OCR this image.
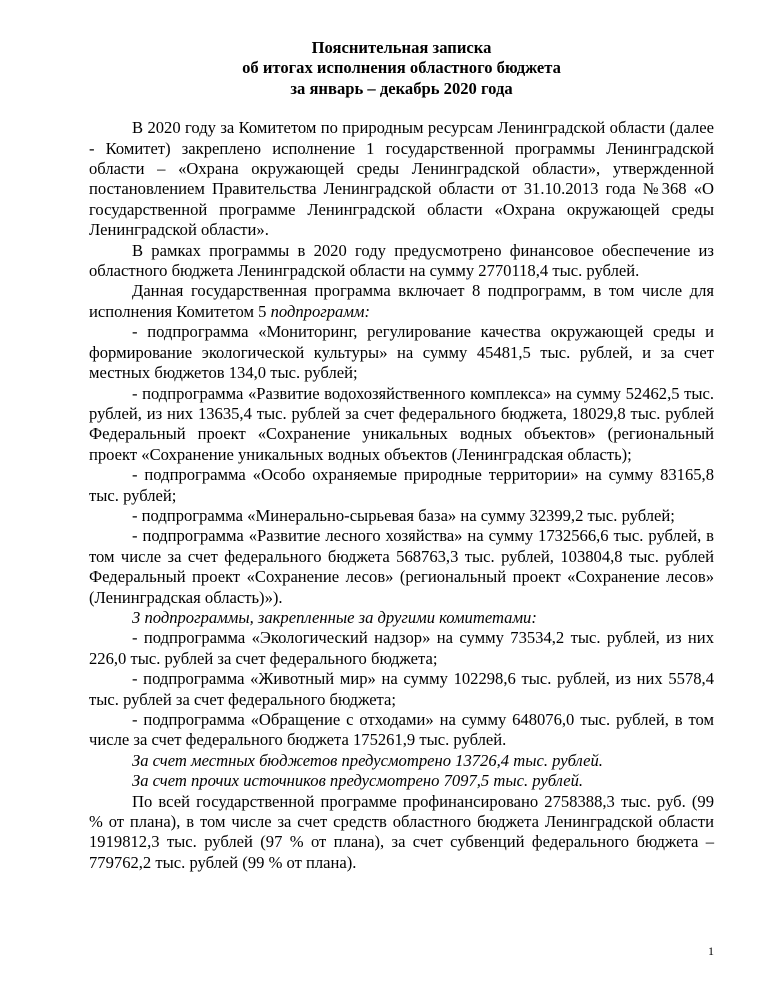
Пояснительная записка

об итогах исполнения областного бюджета

за январь – декабрь 2020 года

В 2020 году за Комитетом по природным ресурсам Ленинградской области (далее - Комитет) закреплено исполнение 1 государственной программы Ленинградской области – «Охрана окружающей среды Ленинградской области», утвержденной постановлением Правительства Ленинградской области от 31.10.2013 года №368 «О государственной программе Ленинградской области «Охрана окружающей среды Ленинградской области».

В рамках программы в 2020 году предусмотрено финансовое обеспечение из областного бюджета Ленинградской области на сумму 2770118,4 тыс. рублей.

Данная государственная программа включает 8 подпрограмм, в том числе для исполнения Комитетом 5 подпрограмм:

- подпрограмма «Мониторинг, регулирование качества окружающей среды и формирование экологической культуры» на сумму 45481,5 тыс. рублей, и за счет местных бюджетов 134,0 тыс. рублей;

- подпрограмма «Развитие водохозяйственного комплекса» на сумму 52462,5 тыс. рублей, из них 13635,4 тыс. рублей за счет федерального бюджета, 18029,8 тыс. рублей Федеральный проект «Сохранение уникальных водных объектов» (региональный проект «Сохранение уникальных водных объектов (Ленинградская область);

- подпрограмма «Особо охраняемые природные территории» на сумму 83165,8 тыс. рублей;

- подпрограмма «Минерально-сырьевая база» на сумму 32399,2 тыс. рублей;

- подпрограмма «Развитие лесного хозяйства» на сумму 1732566,6 тыс. рублей, в том числе за счет федерального бюджета 568763,3 тыс. рублей, 103804,8 тыс. рублей Федеральный проект «Сохранение лесов» (региональный проект «Сохранение лесов» (Ленинградская область)»).

3 подпрограммы, закрепленные за другими комитетами:

- подпрограмма «Экологический надзор» на сумму 73534,2 тыс. рублей, из них 226,0 тыс. рублей за счет федерального бюджета;

- подпрограмма «Животный мир» на сумму 102298,6 тыс. рублей, из них 5578,4 тыс. рублей за счет федерального бюджета;

- подпрограмма «Обращение с отходами» на сумму 648076,0 тыс. рублей, в том числе за счет федерального бюджета 175261,9 тыс. рублей.

За счет местных бюджетов предусмотрено 13726,4 тыс. рублей.

За счет прочих источников предусмотрено 7097,5 тыс. рублей.

По всей государственной программе профинансировано 2758388,3 тыс. руб. (99 % от плана), в том числе за счет средств областного бюджета Ленинградской области 1919812,3 тыс. рублей (97 % от плана), за счет субвенций федерального бюджета –779762,2 тыс. рублей (99 % от плана).

1
